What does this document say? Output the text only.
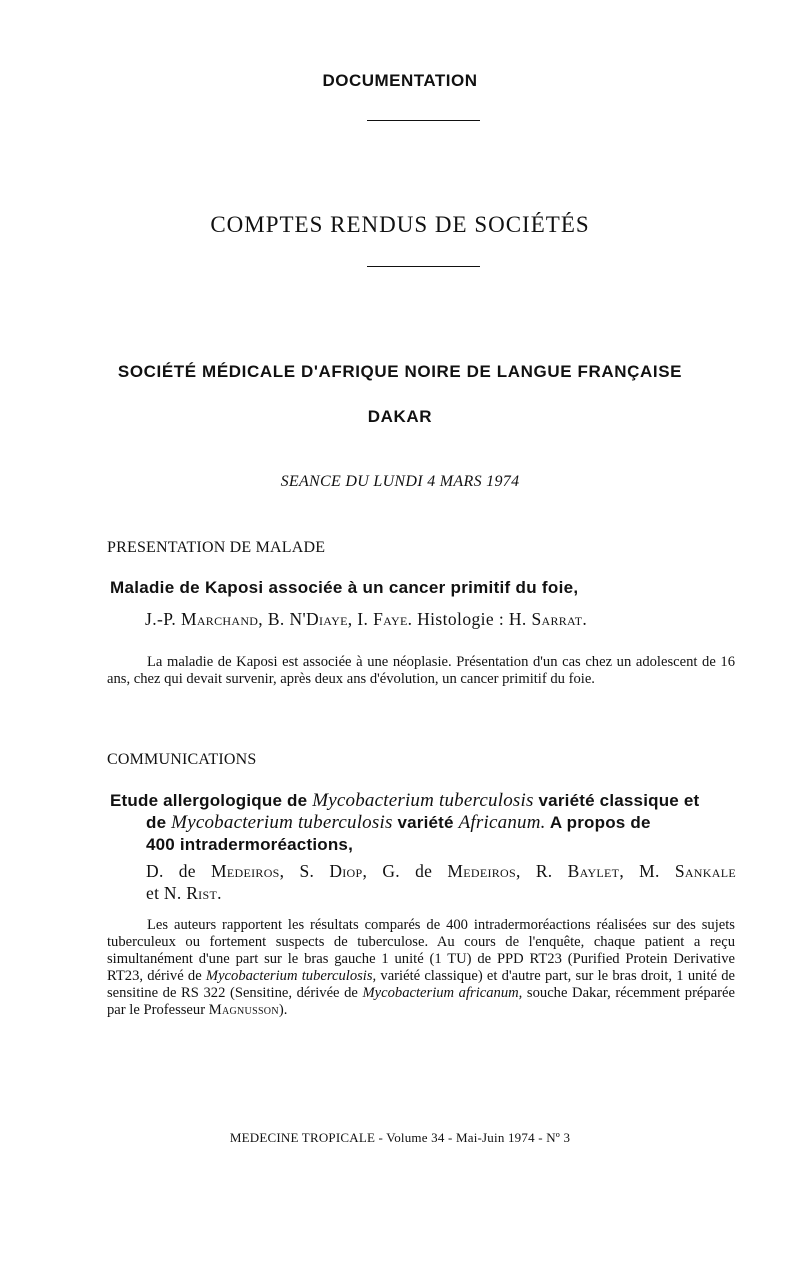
DOCUMENTATION
COMPTES RENDUS DE SOCIÉTÉS
SOCIÉTÉ MÉDICALE D'AFRIQUE NOIRE DE LANGUE FRANÇAISE
DAKAR
SEANCE DU LUNDI 4 MARS 1974
PRESENTATION DE MALADE
Maladie de Kaposi associée à un cancer primitif du foie,
J.-P. Marchand, B. N'Diaye, I. Faye. Histologie : H. Sarrat.
La maladie de Kaposi est associée à une néoplasie. Présentation d'un cas chez un adolescent de 16 ans, chez qui devait survenir, après deux ans d'évolution, un cancer primitif du foie.
COMMUNICATIONS
Etude allergologique de Mycobacterium tuberculosis variété classique et
de Mycobacterium tuberculosis variété Africanum. A propos de
400 intradermoréactions,
D. de Medeiros, S. Diop, G. de Medeiros, R. Baylet, M. Sankale
et N. Rist.
Les auteurs rapportent les résultats comparés de 400 intradermoréactions réalisées sur des sujets tuberculeux ou fortement suspects de tuberculose. Au cours de l'enquête, chaque patient a reçu simultanément d'une part sur le bras gauche 1 unité (1 TU) de PPD RT23 (Purified Protein Derivative RT23, dérivé de Mycobacterium tuberculosis, variété classique) et d'autre part, sur le bras droit, 1 unité de sensitine de RS 322 (Sensitine, dérivée de Mycobacterium africanum, souche Dakar, récemment préparée par le Professeur Magnusson).
MEDECINE TROPICALE - Volume 34 - Mai-Juin 1974 - Nº 3
